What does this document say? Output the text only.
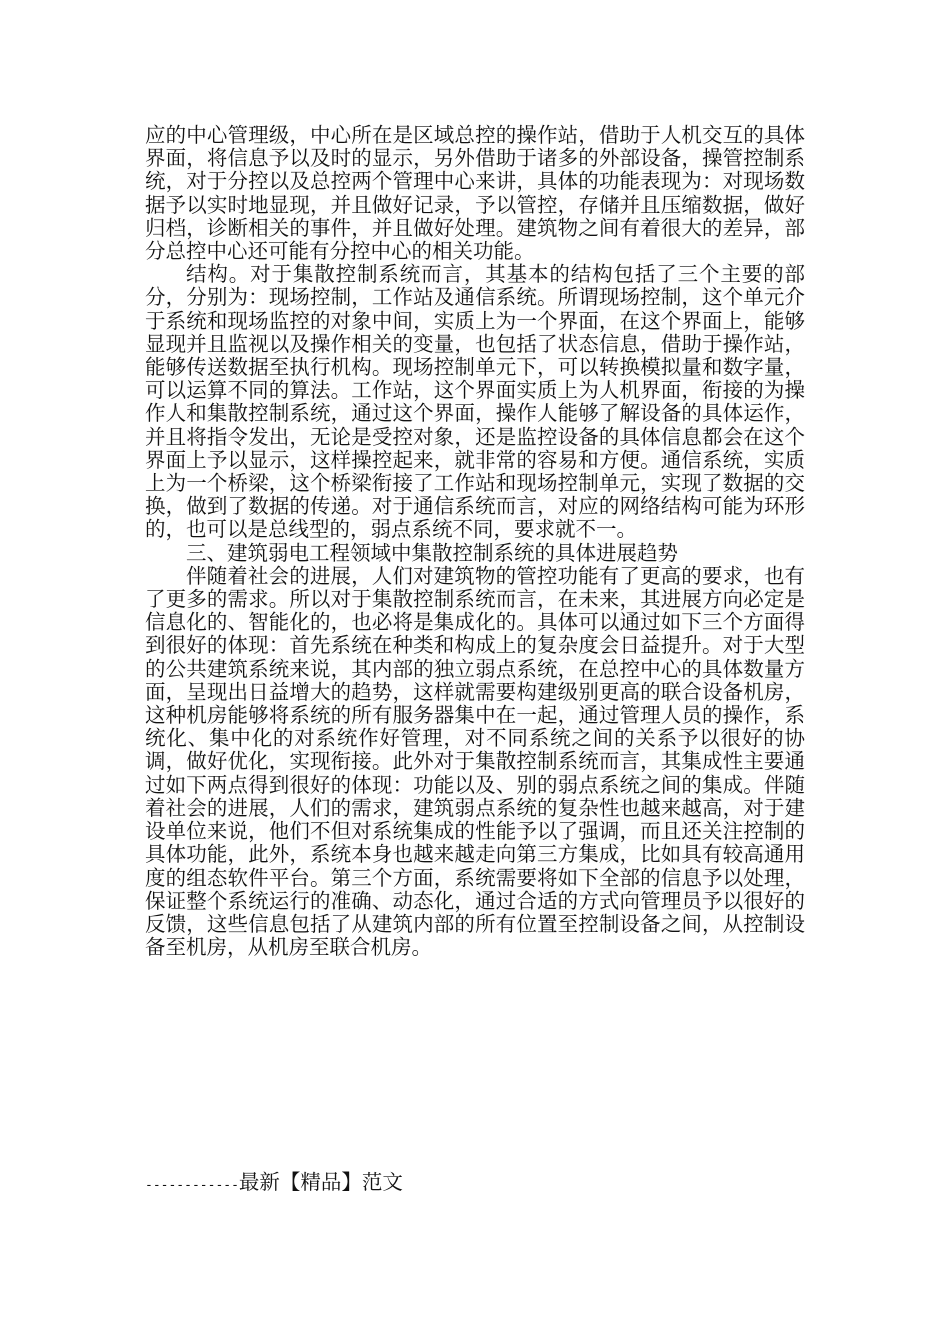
应的中心管理级，中心所在是区域总控的操作站，借助于人机交互的具体界面，将信息予以及时的显示，另外借助于诸多的外部设备，操管控制系统，对于分控以及总控两个管理中心来讲，具体的功能表现为：对现场数据予以实时地显现，并且做好记录，予以管控，存储并且压缩数据，做好归档，诊断相关的事件，并且做好处理。建筑物之间有着很大的差异，部分总控中心还可能有分控中心的相关功能。

结构。对于集散控制系统而言，其基本的结构包括了三个主要的部分，分别为：现场控制，工作站及通信系统。所谓现场控制，这个单元介于系统和现场监控的对象中间，实质上为一个界面，在这个界面上，能够显现并且监视以及操作相关的变量，也包括了状态信息，借助于操作站，能够传送数据至执行机构。现场控制单元下，可以转换模拟量和数字量，可以运算不同的算法。工作站，这个界面实质上为人机界面，衔接的为操作人和集散控制系统，通过这个界面，操作人能够了解设备的具体运作，并且将指令发出，无论是受控对象，还是监控设备的具体信息都会在这个界面上予以显示，这样操控起来，就非常的容易和方便。通信系统，实质上为一个桥梁，这个桥梁衔接了工作站和现场控制单元，实现了数据的交换，做到了数据的传递。对于通信系统而言，对应的网络结构可能为环形的，也可以是总线型的，弱点系统不同，要求就不一。

三、建筑弱电工程领域中集散控制系统的具体进展趋势

伴随着社会的进展，人们对建筑物的管控功能有了更高的要求，也有了更多的需求。所以对于集散控制系统而言，在未来，其进展方向必定是信息化的、智能化的，也必将是集成化的。具体可以通过如下三个方面得到很好的体现：首先系统在种类和构成上的复杂度会日益提升。对于大型的公共建筑系统来说，其内部的独立弱点系统，在总控中心的具体数量方面，呈现出日益增大的趋势，这样就需要构建级别更高的联合设备机房，这种机房能够将系统的所有服务器集中在一起，通过管理人员的操作，系统化、集中化的对系统作好管理，对不同系统之间的关系予以很好的协调，做好优化，实现衔接。此外对于集散控制系统而言，其集成性主要通过如下两点得到很好的体现：功能以及、别的弱点系统之间的集成。伴随着社会的进展，人们的需求，建筑弱点系统的复杂性也越来越高，对于建设单位来说，他们不但对系统集成的性能予以了强调，而且还关注控制的具体功能，此外，系统本身也越来越走向第三方集成，比如具有较高通用度的组态软件平台。第三个方面，系统需要将如下全部的信息予以处理，保证整个系统运行的准确、动态化，通过合适的方式向管理员予以很好的反馈，这些信息包括了从建筑内部的所有位置至控制设备之间，从控制设备至机房，从机房至联合机房。

------------最新【精品】范文
